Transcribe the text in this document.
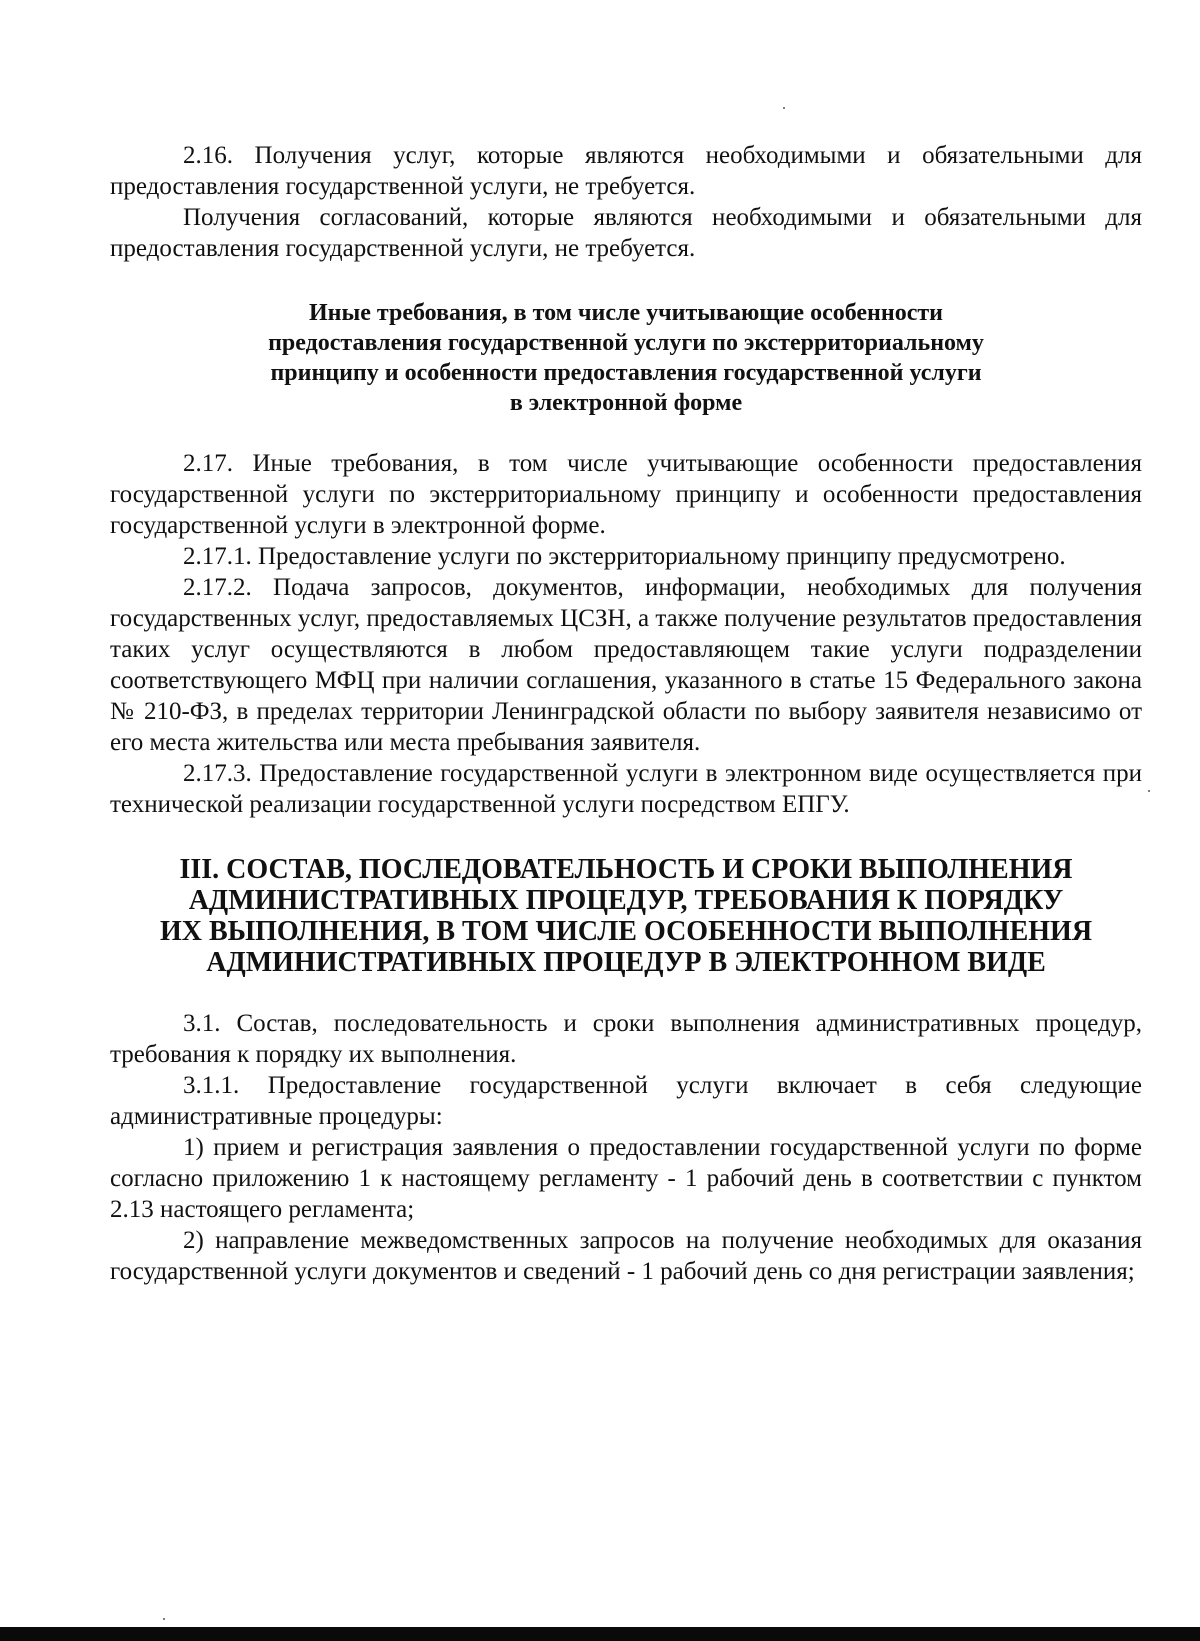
2.16. Получения услуг, которые являются необходимыми и обязательными для предоставления государственной услуги, не требуется.

Получения согласований, которые являются необходимыми и обязательными для предоставления государственной услуги, не требуется.

Иные требования, в том числе учитывающие особенности
предоставления государственной услуги по экстерриториальному
принципу и особенности предоставления государственной услуги
в электронной форме

2.17. Иные требования, в том числе учитывающие особенности предоставления государственной услуги по экстерриториальному принципу и особенности предоставления государственной услуги в электронной форме.

2.17.1. Предоставление услуги по экстерриториальному принципу предусмотрено.

2.17.2. Подача запросов, документов, информации, необходимых для получения государственных услуг, предоставляемых ЦСЗН, а также получение результатов предоставления таких услуг осуществляются в любом предоставляющем такие услуги подразделении соответствующего МФЦ при наличии соглашения, указанного в статье 15 Федерального закона № 210-ФЗ, в пределах территории Ленинградской области по выбору заявителя независимо от его места жительства или места пребывания заявителя.

2.17.3. Предоставление государственной услуги в электронном виде осуществляется при технической реализации государственной услуги посредством ЕПГУ.

III. СОСТАВ, ПОСЛЕДОВАТЕЛЬНОСТЬ И СРОКИ ВЫПОЛНЕНИЯ
АДМИНИСТРАТИВНЫХ ПРОЦЕДУР, ТРЕБОВАНИЯ К ПОРЯДКУ
ИХ ВЫПОЛНЕНИЯ, В ТОМ ЧИСЛЕ ОСОБЕННОСТИ ВЫПОЛНЕНИЯ
АДМИНИСТРАТИВНЫХ ПРОЦЕДУР В ЭЛЕКТРОННОМ ВИДЕ

3.1. Состав, последовательность и сроки выполнения административных процедур, требования к порядку их выполнения.

3.1.1. Предоставление государственной услуги включает в себя следующие административные процедуры:

1) прием и регистрация заявления о предоставлении государственной услуги по форме согласно приложению 1 к настоящему регламенту - 1 рабочий день в соответствии с пунктом 2.13 настоящего регламента;

2) направление межведомственных запросов на получение необходимых для оказания государственной услуги документов и сведений - 1 рабочий день со дня регистрации заявления;
